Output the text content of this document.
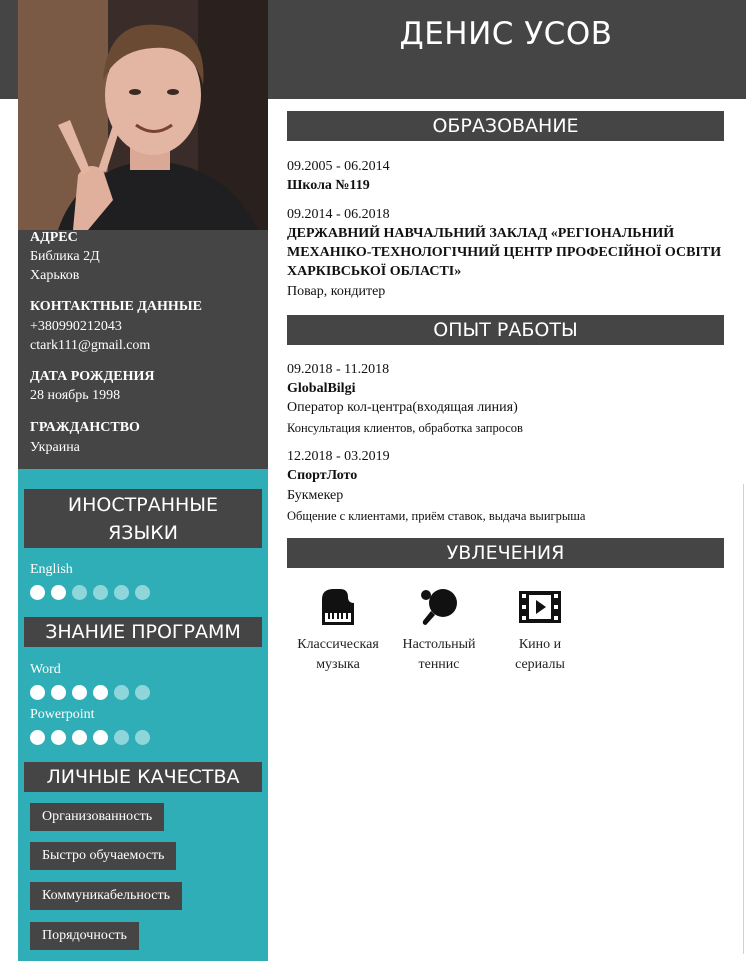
ДЕНИС УСОВ
АДРЕС
Библика 2Д
Харьков
КОНТАКТНЫЕ ДАННЫЕ
+380990212043
ctark111@gmail.com
ДАТА РОЖДЕНИЯ
28 ноябрь 1998
ГРАЖДАНСТВО
Украина
ИНОСТРАННЫЕ
ЯЗЫКИ
English
ЗНАНИЕ ПРОГРАММ
Word
Powerpoint
ЛИЧНЫЕ КАЧЕСТВА
Организованность
Быстро обучаемость
Коммуникабельность
Порядочность
ОБРАЗОВАНИЕ
09.2005 - 06.2014
Школа №119
09.2014 - 06.2018
ДЕРЖАВНИЙ НАВЧАЛЬНИЙ ЗАКЛАД «РЕГІОНАЛЬНИЙ
МЕХАНІКО-ТЕХНОЛОГІЧНИЙ ЦЕНТР ПРОФЕСІЙНОЇ ОСВІТИ
ХАРКІВСЬКОЇ ОБЛАСТІ»
Повар, кондитер
ОПЫТ РАБОТЫ
09.2018 - 11.2018
GlobalBilgi
Оператор кол-центра(входящая линия)
Консультация клиентов, обработка запросов
12.2018 - 03.2019
СпортЛото
Букмекер
Общение с клиентами, приём ставок, выдача выигрыша
УВЛЕЧЕНИЯ
Классическая
музыка
Настольный
теннис
Кино и
сериалы
